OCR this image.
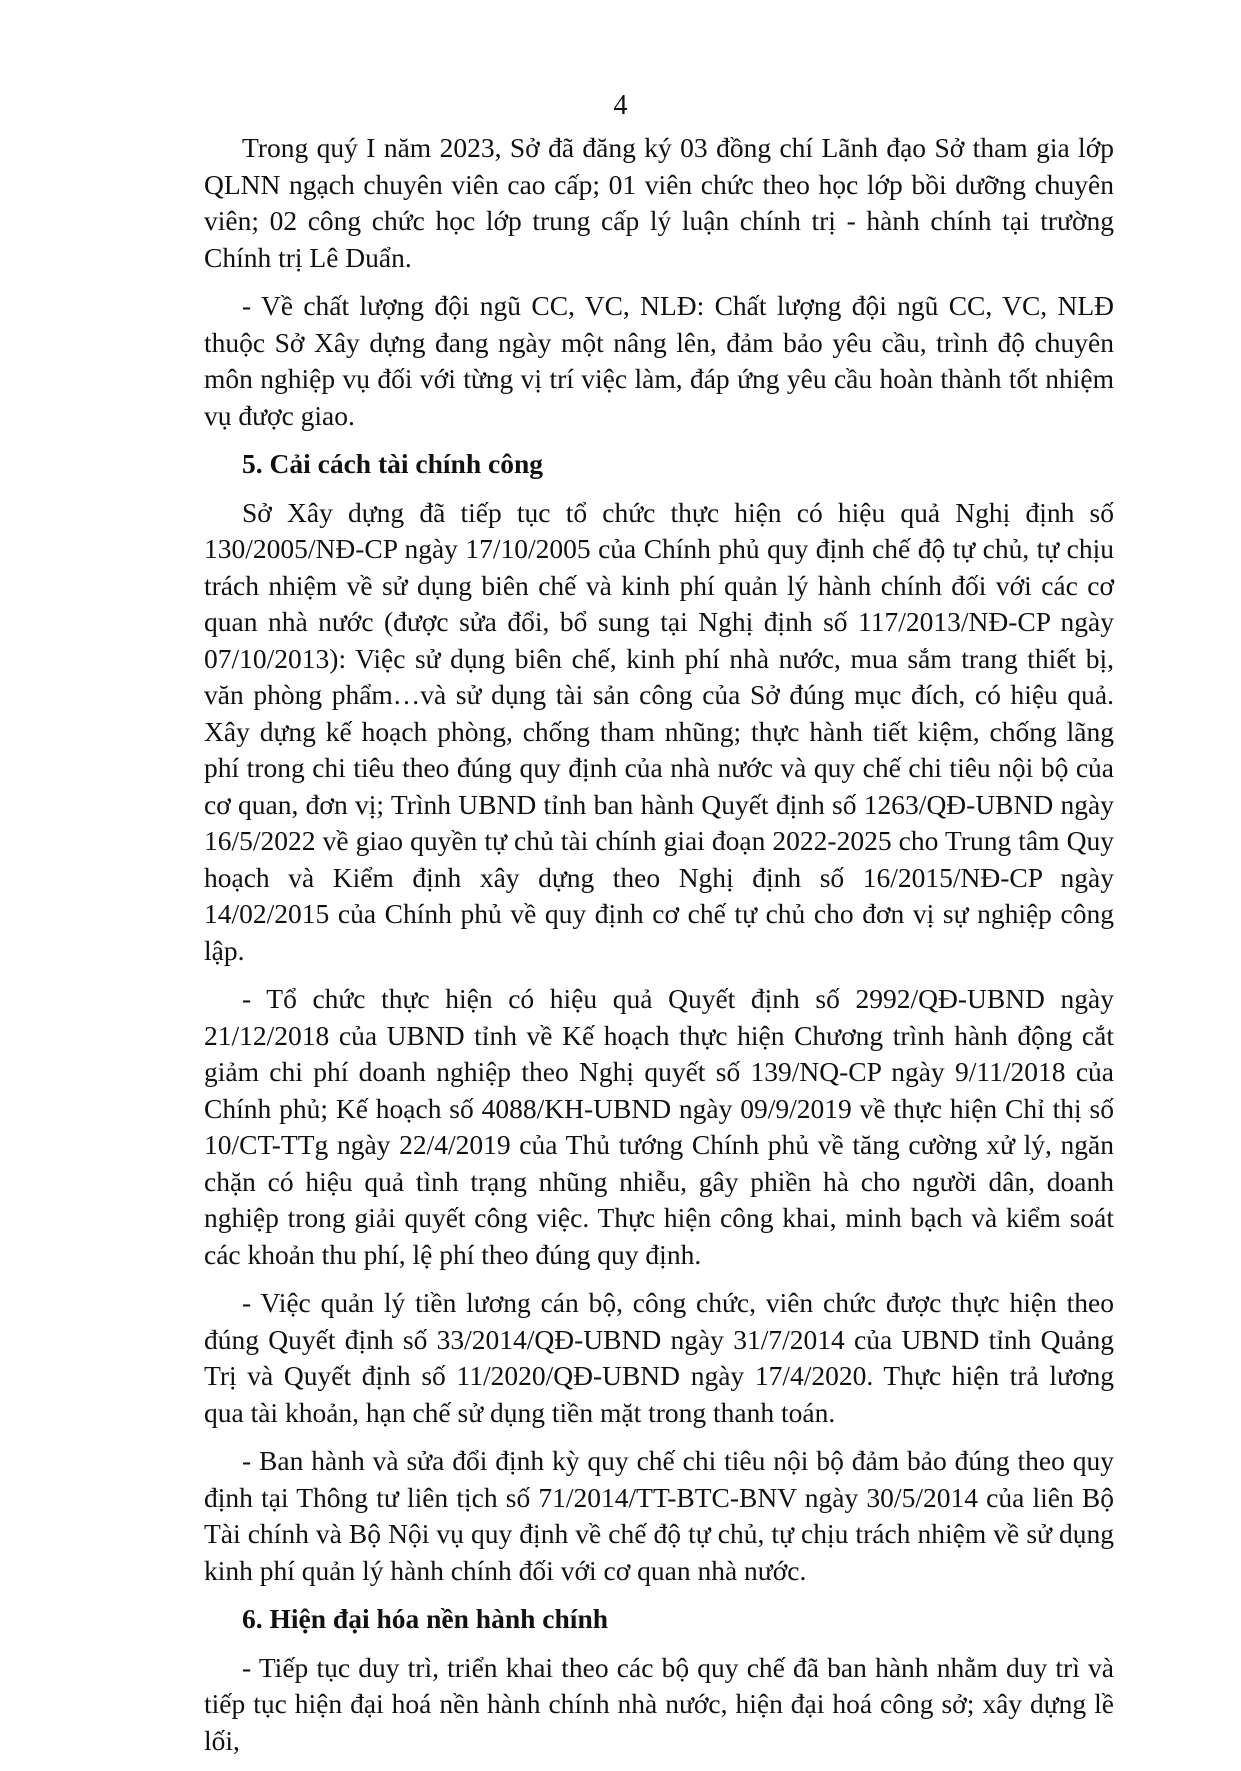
4

Trong quý I năm 2023, Sở đã đăng ký 03 đồng chí Lãnh đạo Sở tham gia lớp QLNN ngạch chuyên viên cao cấp; 01 viên chức theo học lớp bồi dưỡng chuyên viên; 02 công chức học lớp trung cấp lý luận chính trị - hành chính tại trường Chính trị Lê Duẩn.

- Về chất lượng đội ngũ CC, VC, NLĐ: Chất lượng đội ngũ CC, VC, NLĐ thuộc Sở Xây dựng đang ngày một nâng lên, đảm bảo yêu cầu, trình độ chuyên môn nghiệp vụ đối với từng vị trí việc làm, đáp ứng yêu cầu hoàn thành tốt nhiệm vụ được giao.

5. Cải cách tài chính công

Sở Xây dựng đã tiếp tục tổ chức thực hiện có hiệu quả Nghị định số 130/2005/NĐ-CP ngày 17/10/2005 của Chính phủ quy định chế độ tự chủ, tự chịu trách nhiệm về sử dụng biên chế và kinh phí quản lý hành chính đối với các cơ quan nhà nước (được sửa đổi, bổ sung tại Nghị định số 117/2013/NĐ-CP ngày 07/10/2013): Việc sử dụng biên chế, kinh phí nhà nước, mua sắm trang thiết bị, văn phòng phẩm…và sử dụng tài sản công của Sở đúng mục đích, có hiệu quả. Xây dựng kế hoạch phòng, chống tham nhũng; thực hành tiết kiệm, chống lãng phí trong chi tiêu theo đúng quy định của nhà nước và quy chế chi tiêu nội bộ của cơ quan, đơn vị; Trình UBND tỉnh ban hành Quyết định số 1263/QĐ-UBND ngày 16/5/2022 về giao quyền tự chủ tài chính giai đoạn 2022-2025 cho Trung tâm Quy hoạch và Kiểm định xây dựng theo Nghị định số 16/2015/NĐ-CP ngày 14/02/2015 của Chính phủ về quy định cơ chế tự chủ cho đơn vị sự nghiệp công lập.

- Tổ chức thực hiện có hiệu quả Quyết định số 2992/QĐ-UBND ngày 21/12/2018 của UBND tỉnh về Kế hoạch thực hiện Chương trình hành động cắt giảm chi phí doanh nghiệp theo Nghị quyết số 139/NQ-CP ngày 9/11/2018 của Chính phủ; Kế hoạch số 4088/KH-UBND ngày 09/9/2019 về thực hiện Chỉ thị số 10/CT-TTg ngày 22/4/2019 của Thủ tướng Chính phủ về tăng cường xử lý, ngăn chặn có hiệu quả tình trạng nhũng nhiễu, gây phiền hà cho người dân, doanh nghiệp trong giải quyết công việc. Thực hiện công khai, minh bạch và kiểm soát các khoản thu phí, lệ phí theo đúng quy định.

- Việc quản lý tiền lương cán bộ, công chức, viên chức được thực hiện theo đúng Quyết định số 33/2014/QĐ-UBND ngày 31/7/2014 của UBND tỉnh Quảng Trị và Quyết định số 11/2020/QĐ-UBND ngày 17/4/2020. Thực hiện trả lương qua tài khoản, hạn chế sử dụng tiền mặt trong thanh toán.

- Ban hành và sửa đổi định kỳ quy chế chi tiêu nội bộ đảm bảo đúng theo quy định tại Thông tư liên tịch số 71/2014/TT-BTC-BNV ngày 30/5/2014 của liên Bộ Tài chính và Bộ Nội vụ quy định về chế độ tự chủ, tự chịu trách nhiệm về sử dụng kinh phí quản lý hành chính đối với cơ quan nhà nước.

6. Hiện đại hóa nền hành chính

- Tiếp tục duy trì, triển khai theo các bộ quy chế đã ban hành nhằm duy trì và tiếp tục hiện đại hoá nền hành chính nhà nước, hiện đại hoá công sở; xây dựng lề lối,
